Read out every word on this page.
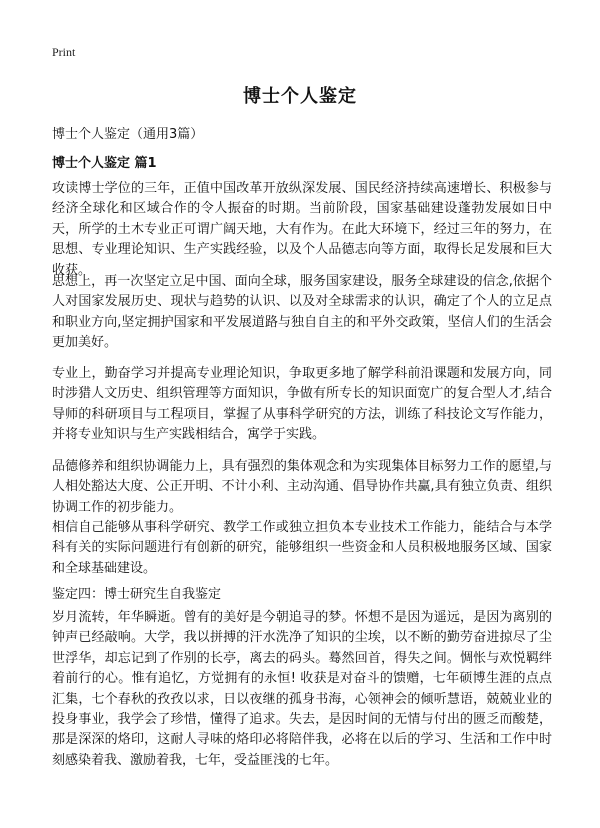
Print
博士个人鉴定
博士个人鉴定（通用3篇）
博士个人鉴定 篇1

攻读博士学位的三年，正值中国改革开放纵深发展、国民经济持续高速增长、积极参与经济全球化和区域合作的令人振奋的时期。当前阶段，国家基础建设蓬勃发展如日中天，所学的土木专业正可谓广阔天地，大有作为。在此大环境下，经过三年的努力，在思想、专业理论知识、生产实践经验，以及个人品德志向等方面，取得长足发展和巨大收获。

思想上，再一次坚定立足中国、面向全球，服务国家建设，服务全球建设的信念,依据个人对国家发展历史、现状与趋势的认识、以及对全球需求的认识，确定了个人的立足点和职业方向,坚定拥护国家和平发展道路与独自自主的和平外交政策，坚信人们的生活会更加美好。

专业上，勤奋学习并提高专业理论知识，争取更多地了解学科前沿课题和发展方向，同时涉猎人文历史、组织管理等方面知识，争做有所专长的知识面宽广的复合型人才,结合导师的科研项目与工程项目，掌握了从事科学研究的方法，训练了科技论文写作能力，并将专业知识与生产实践相结合，寓学于实践。

品德修养和组织协调能力上，具有强烈的集体观念和为实现集体目标努力工作的愿望,与人相处豁达大度、公正开明、不计小利、主动沟通、倡导协作共赢,具有独立负责、组织协调工作的初步能力。

相信自己能够从事科学研究、教学工作或独立担负本专业技术工作能力，能结合与本学科有关的实际问题进行有创新的研究，能够组织一些资金和人员积极地服务区域、国家和全球基础建设。

鉴定四：博士研究生自我鉴定

岁月流转，年华瞬逝。曾有的美好是今朝追寻的梦。怀想不是因为遥远，是因为离别的钟声已经敲响。大学，我以拼搏的汗水洗净了知识的尘埃，以不断的勤劳奋进掠尽了尘世浮华，却忘记到了作别的长亭，离去的码头。蓦然回首，得失之间。惆怅与欢悦羁绊着前行的心。惟有追忆，方觉拥有的永恒! 收获是对奋斗的馈赠，七年硕博生涯的点点汇集，七个春秋的孜孜以求，日以夜继的孤身书海，心领神会的倾听慧语，兢兢业业的投身事业，我学会了珍惜，懂得了追求。失去，是因时间的无情与付出的匮乏而酸楚，那是深深的烙印，这耐人寻味的烙印必将陪伴我，必将在以后的学习、生活和工作中时刻感染着我、激励着我，七年，受益匪浅的七年。
